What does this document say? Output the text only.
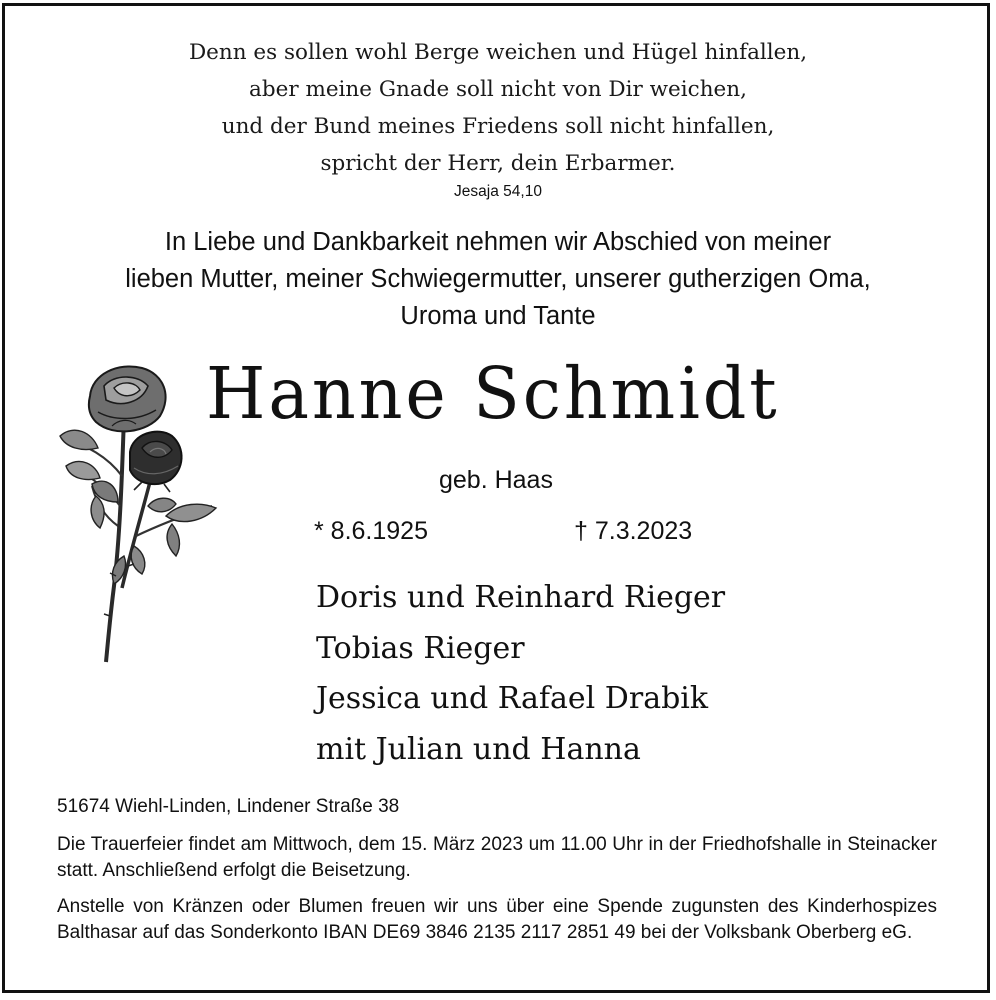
Denn es sollen wohl Berge weichen und Hügel hinfallen,
aber meine Gnade soll nicht von Dir weichen,
und der Bund meines Friedens soll nicht hinfallen,
spricht der Herr, dein Erbarmer.
Jesaja 54,10
In Liebe und Dankbarkeit nehmen wir Abschied von meiner
lieben Mutter, meiner Schwiegermutter, unserer gutherzigen Oma,
Uroma und Tante
Hanne Schmidt
geb. Haas
* 8.6.1925	† 7.3.2023
Doris und Reinhard Rieger
Tobias Rieger
Jessica und Rafael Drabik
mit Julian und Hanna
51674 Wiehl-Linden, Lindener Straße 38
Die Trauerfeier findet am Mittwoch, dem 15. März 2023 um 11.00 Uhr in der Friedhofshalle in Steinacker statt. Anschließend erfolgt die Beisetzung.
Anstelle von Kränzen oder Blumen freuen wir uns über eine Spende zugunsten des Kinderhospizes Balthasar auf das Sonderkonto IBAN DE69 3846 2135 2117 2851 49 bei der Volksbank Oberberg eG.
